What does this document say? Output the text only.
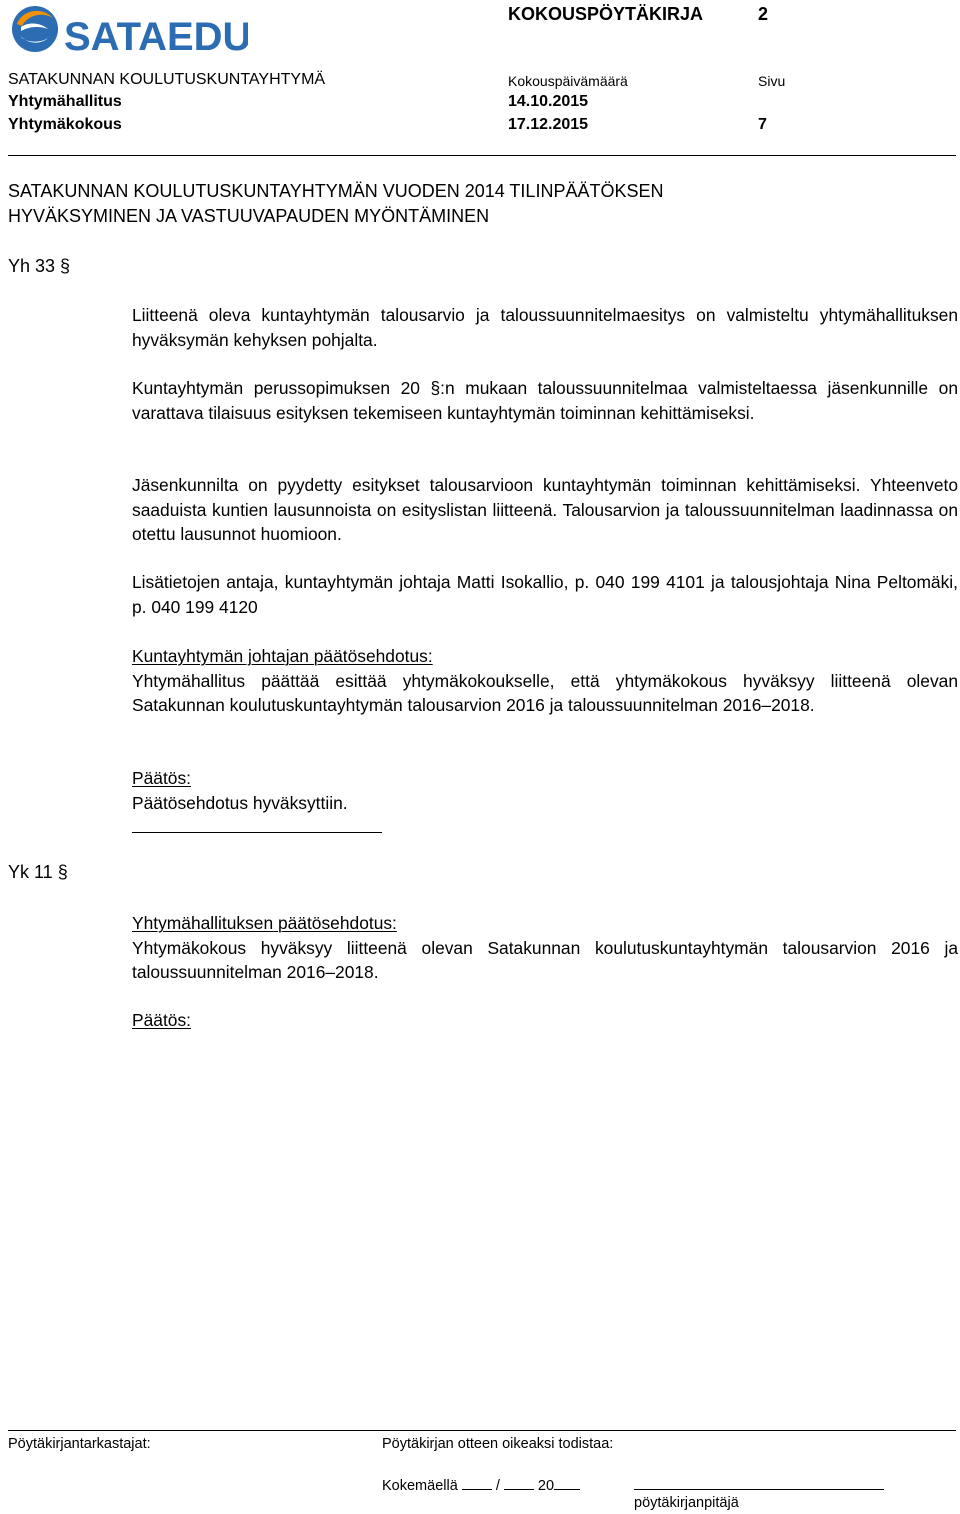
SATAEDU
KOKOUSPÖYTÄKIRJA	2
SATAKUNNAN KOULUTUSKUNTAYHTYMÄ	Kokouspäivämäärä	Sivu
Yhtymähallitus	14.10.2015
Yhtymäkokous	17.12.2015	7
SATAKUNNAN KOULUTUSKUNTAYHTYMÄN VUODEN 2014 TILINPÄÄTÖKSEN
HYVÄKSYMINEN JA VASTUUVAPAUDEN MYÖNTÄMINEN
Yh 33 §
Yk 11 §

Liitteenä oleva kuntayhtymän talousarvio ja taloussuunnitelmaesitys on valmisteltu yhtymähallituksen hyväksymän kehyksen pohjalta.

Kuntayhtymän perussopimuksen 20 §:n mukaan taloussuunnitelmaa valmisteltaessa jäsenkunnille on varattava tilaisuus esityksen tekemiseen kuntayhtymän toiminnan kehittämiseksi.

Jäsenkunnilta on pyydetty esitykset talousarvioon kuntayhtymän toiminnan kehittämiseksi. Yhteenveto saaduista kuntien lausunnoista on esityslistan liitteenä. Talousarvion ja taloussuunnitelman laadinnassa on otettu lausunnot huomioon.

Lisätietojen antaja, kuntayhtymän johtaja Matti Isokallio, p. 040 199 4101 ja talousjohtaja Nina Peltomäki, p. 040 199 4120

Kuntayhtymän johtajan päätösehdotus:

Yhtymähallitus päättää esittää yhtymäkokoukselle, että yhtymäkokous hyväksyy liitteenä olevan Satakunnan koulutuskuntayhtymän talousarvion 2016 ja taloussuunnitelman 2016–2018.

Päätös:

Päätösehdotus hyväksyttiin.

Yhtymähallituksen päätösehdotus:

Yhtymäkokous hyväksyy liitteenä olevan Satakunnan koulutuskuntayhtymän talousarvion 2016 ja taloussuunnitelman 2016–2018.

Päätös:

Pöytäkirjantarkastajat:	Pöytäkirjan otteen oikeaksi todistaa:
Kokemäellä	/	20
pöytäkirjanpitäjä
